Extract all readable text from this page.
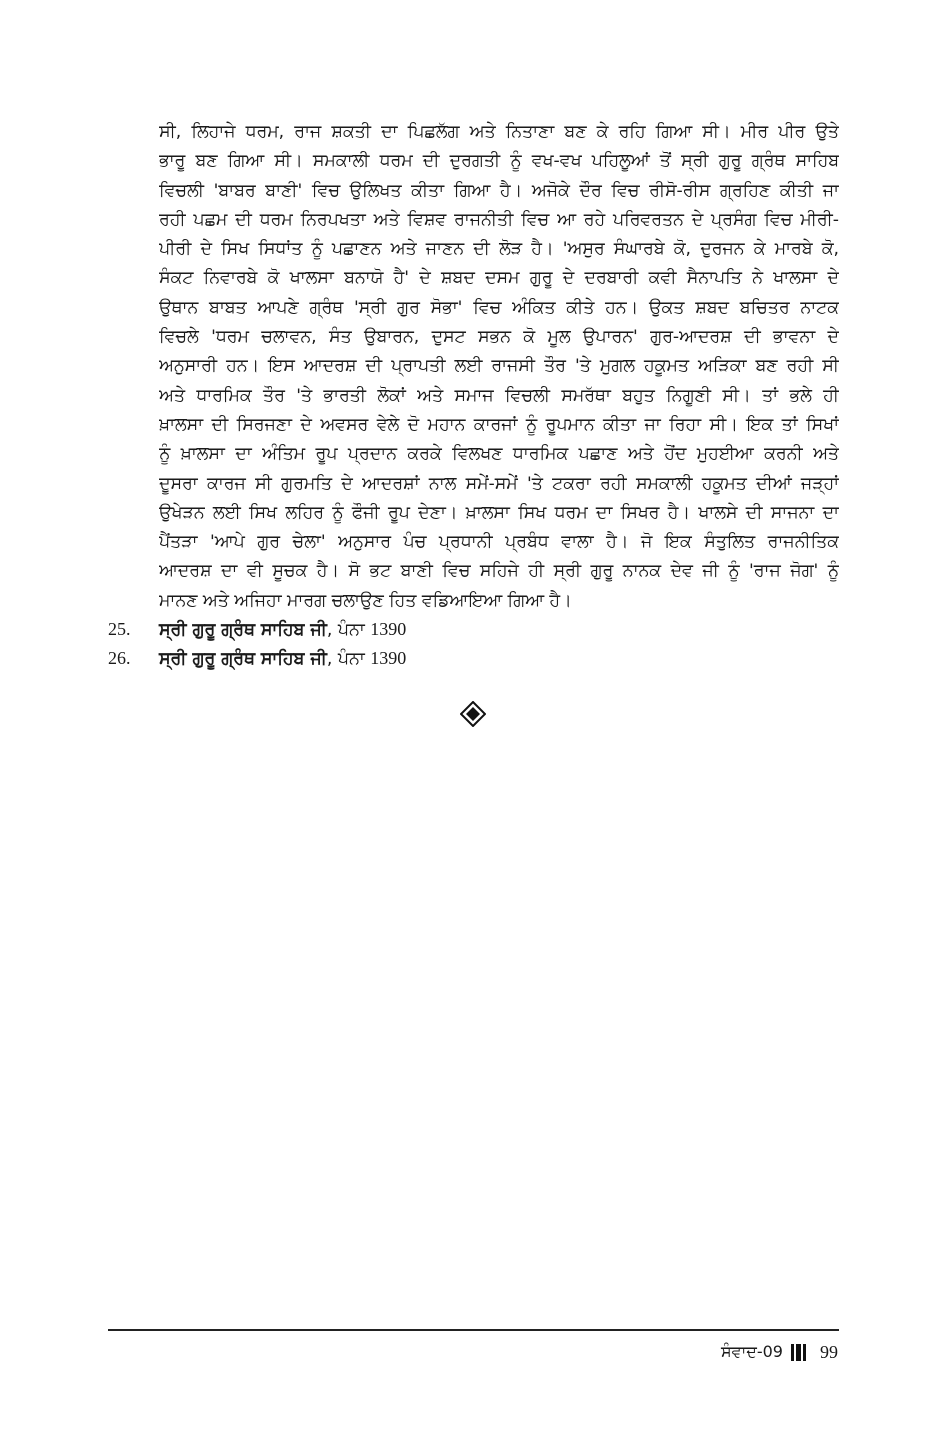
ਸੀ, ਲਿਹਾਜੇ ਧਰਮ, ਰਾਜ ਸ਼ਕਤੀ ਦਾ ਪਿਛਲੱਗ ਅਤੇ ਨਿਤਾਣਾ ਬਣ ਕੇ ਰਹਿ ਗਿਆ ਸੀ। ਮੀਰ ਪੀਰ ਉਤੇ
ਭਾਰੂ ਬਣ ਗਿਆ ਸੀ। ਸਮਕਾਲੀ ਧਰਮ ਦੀ ਦੁਰਗਤੀ ਨੂੰ ਵਖ-ਵਖ ਪਹਿਲੂਆਂ ਤੋਂ ਸ੍ਰੀ ਗੁਰੂ ਗ੍ਰੰਥ ਸਾਹਿਬ
ਵਿਚਲੀ 'ਬਾਬਰ ਬਾਣੀ' ਵਿਚ ਉਲਿਖਤ ਕੀਤਾ ਗਿਆ ਹੈ। ਅਜੋਕੇ ਦੌਰ ਵਿਚ ਰੀਸੋ-ਰੀਸ ਗ੍ਰਹਿਣ ਕੀਤੀ ਜਾ
ਰਹੀ ਪਛਮ ਦੀ ਧਰਮ ਨਿਰਪਖਤਾ ਅਤੇ ਵਿਸ਼ਵ ਰਾਜਨੀਤੀ ਵਿਚ ਆ ਰਹੇ ਪਰਿਵਰਤਨ ਦੇ ਪ੍ਰਸੰਗ ਵਿਚ ਮੀਰੀ-
ਪੀਰੀ ਦੇ ਸਿਖ ਸਿਧਾਂਤ ਨੂੰ ਪਛਾਣਨ ਅਤੇ ਜਾਣਨ ਦੀ ਲੋੜ ਹੈ। 'ਅਸੁਰ ਸੰਘਾਰਬੇ ਕੋ, ਦੁਰਜਨ ਕੇ ਮਾਰਬੇ ਕੋ,
ਸੰਕਟ ਨਿਵਾਰਬੇ ਕੋ ਖਾਲਸਾ ਬਨਾਯੋ ਹੈ' ਦੇ ਸ਼ਬਦ ਦਸਮ ਗੁਰੂ ਦੇ ਦਰਬਾਰੀ ਕਵੀ ਸੈਨਾਪਤਿ ਨੇ ਖਾਲਸਾ ਦੇ
ਉਥਾਨ ਬਾਬਤ ਆਪਣੇ ਗ੍ਰੰਥ 'ਸ੍ਰੀ ਗੁਰ ਸੋਭਾ' ਵਿਚ ਅੰਕਿਤ ਕੀਤੇ ਹਨ। ਉਕਤ ਸ਼ਬਦ ਬਚਿਤਰ ਨਾਟਕ
ਵਿਚਲੇ 'ਧਰਮ ਚਲਾਵਨ, ਸੰਤ ਉਬਾਰਨ, ਦੁਸਟ ਸਭਨ ਕੋ ਮੂਲ ਉਪਾਰਨ' ਗੁਰ-ਆਦਰਸ਼ ਦੀ ਭਾਵਨਾ ਦੇ
ਅਨੁਸਾਰੀ ਹਨ। ਇਸ ਆਦਰਸ਼ ਦੀ ਪ੍ਰਾਪਤੀ ਲਈ ਰਾਜਸੀ ਤੌਰ 'ਤੇ ਮੁਗਲ ਹਕੂਮਤ ਅੜਿਕਾ ਬਣ ਰਹੀ ਸੀ
ਅਤੇ ਧਾਰਮਿਕ ਤੌਰ 'ਤੇ ਭਾਰਤੀ ਲੋਕਾਂ ਅਤੇ ਸਮਾਜ ਵਿਚਲੀ ਸਮਰੱਥਾ ਬਹੁਤ ਨਿਗੂਣੀ ਸੀ। ਤਾਂ ਭਲੇ ਹੀ
ਖ਼ਾਲਸਾ ਦੀ ਸਿਰਜਣਾ ਦੇ ਅਵਸਰ ਵੇਲੇ ਦੋ ਮਹਾਨ ਕਾਰਜਾਂ ਨੂੰ ਰੂਪਮਾਨ ਕੀਤਾ ਜਾ ਰਿਹਾ ਸੀ। ਇਕ ਤਾਂ ਸਿਖਾਂ
ਨੂੰ ਖ਼ਾਲਸਾ ਦਾ ਅੰਤਿਮ ਰੂਪ ਪ੍ਰਦਾਨ ਕਰਕੇ ਵਿਲਖਣ ਧਾਰਮਿਕ ਪਛਾਣ ਅਤੇ ਹੋਂਦ ਮੁਹਈਆ ਕਰਨੀ ਅਤੇ
ਦੂਸਰਾ ਕਾਰਜ ਸੀ ਗੁਰਮਤਿ ਦੇ ਆਦਰਸ਼ਾਂ ਨਾਲ ਸਮੇਂ-ਸਮੇਂ 'ਤੇ ਟਕਰਾ ਰਹੀ ਸਮਕਾਲੀ ਹਕੂਮਤ ਦੀਆਂ ਜੜ੍ਹਾਂ
ਉਖੇੜਨ ਲਈ ਸਿਖ ਲਹਿਰ ਨੂੰ ਫੌਜੀ ਰੂਪ ਦੇਣਾ। ਖ਼ਾਲਸਾ ਸਿਖ ਧਰਮ ਦਾ ਸਿਖਰ ਹੈ। ਖਾਲਸੇ ਦੀ ਸਾਜਨਾ ਦਾ
ਪੈਂਤੜਾ 'ਆਪੇ ਗੁਰ ਚੇਲਾ' ਅਨੁਸਾਰ ਪੰਚ ਪ੍ਰਧਾਨੀ ਪ੍ਰਬੰਧ ਵਾਲਾ ਹੈ। ਜੋ ਇਕ ਸੰਤੁਲਿਤ ਰਾਜਨੀਤਿਕ
ਆਦਰਸ਼ ਦਾ ਵੀ ਸੂਚਕ ਹੈ। ਸੋ ਭਟ ਬਾਣੀ ਵਿਚ ਸਹਿਜੇ ਹੀ ਸ੍ਰੀ ਗੁਰੂ ਨਾਨਕ ਦੇਵ ਜੀ ਨੂੰ 'ਰਾਜ ਜੋਗ' ਨੂੰ
ਮਾਨਣ ਅਤੇ ਅਜਿਹਾ ਮਾਰਗ ਚਲਾਉਣ ਹਿਤ ਵਡਿਆਇਆ ਗਿਆ ਹੈ।
25. ਸ੍ਰੀ ਗੁਰੂ ਗ੍ਰੰਥ ਸਾਹਿਬ ਜੀ, ਪੰਨਾ 1390
26. ਸ੍ਰੀ ਗੁਰੂ ਗ੍ਰੰਥ ਸਾਹਿਬ ਜੀ, ਪੰਨਾ 1390
ਸੰਵਾਦ-09 99
